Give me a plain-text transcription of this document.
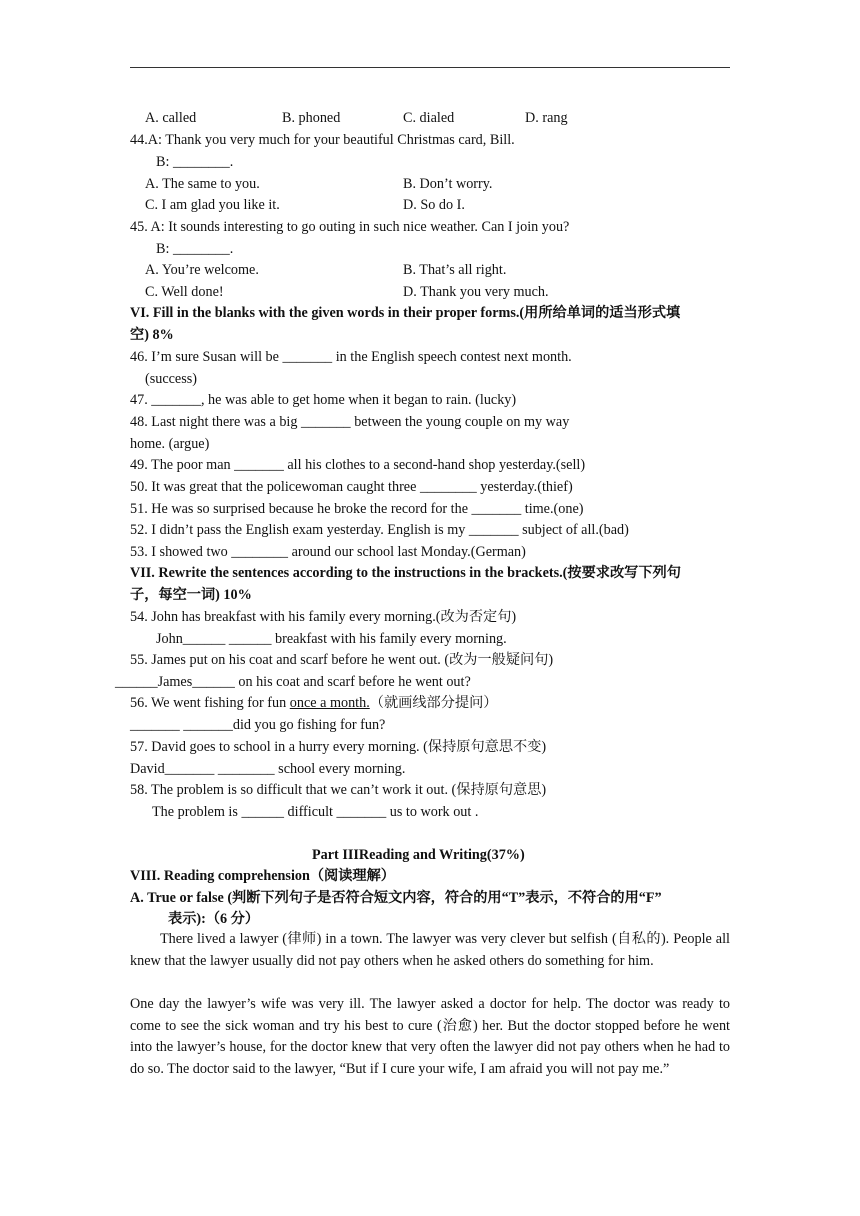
A. called	B. phoned	C. dialed	D. rang
44.A: Thank you very much for your beautiful Christmas card, Bill.
B: ________.
A. The same to you.	B. Don’t worry.
C. I am glad you like it.	D. So do I.
45. A: It sounds interesting to go outing in such nice weather. Can I join you?
B: ________.
A. You’re welcome.	B. That’s all right.
C. Well done!	D. Thank you very much.
VI. Fill in the blanks with the given words in their proper forms.(用所给单词的适当形式填
空) 8%
46. I’m sure Susan will be _______ in the English speech contest next month.
(success)
47. _______, he was able to get home when it began to rain. (lucky)
48. Last night there was a big _______ between the young couple on my way
home. (argue)
49. The poor man _______ all his clothes to a second-hand shop yesterday.(sell)
50. It was great that the policewoman caught three ________ yesterday.(thief)
51. He was so surprised because he broke the record for the _______ time.(one)
52. I didn’t pass the English exam yesterday. English is my _______ subject of all.(bad)
53. I showed two ________ around our school last Monday.(German)
VII. Rewrite the sentences according to the instructions in the brackets.(按要求改写下列句
子，每空一词) 10%
54. John has breakfast with his family every morning.(改为否定句)
John______ ______ breakfast with his family every morning.
55. James put on his coat and scarf before he went out. (改为一般疑问句)
______James______ on his coat and scarf before he went out?
56. We went fishing for fun once a month.（就画线部分提问）
_______ _______did you go fishing for fun?
57. David goes to school in a hurry every morning. (保持原句意思不变)
David_______ ________ school every morning.
58. The problem is so difficult that we can’t work it out. (保持原句意思)
The problem is ______ difficult _______ us to work out .
Part IIIReading and Writing(37%)
VIII. Reading comprehension（阅读理解）
A. True or false (判断下列句子是否符合短文内容，符合的用“T”表示，不符合的用“F”
表示):（6 分）
There lived a lawyer (律师) in a town. The lawyer was very clever but selfish (自私的). People all knew that the lawyer usually did not pay others when he asked others do something for him.
One day the lawyer’s wife was very ill. The lawyer asked a doctor for help. The doctor was ready to come to see the sick woman and try his best to cure (治愈) her. But the doctor stopped before he went into the lawyer’s house, for the doctor knew that very often the lawyer did not pay others when he had to do so. The doctor said to the lawyer, “But if I cure your wife, I am afraid you will not pay me.”
